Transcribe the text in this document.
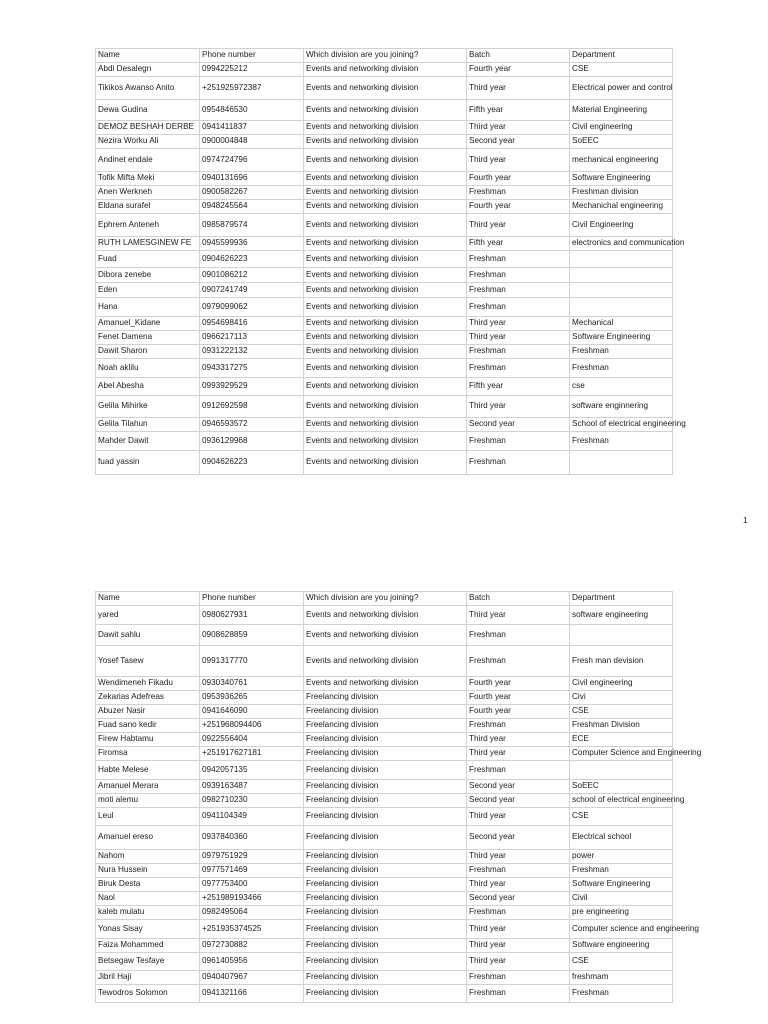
Name	Phone number	Which division are you joining?	Batch	Department
Abdi Desalegn	0994225212	Events and networking division	Fourth year	CSE
Tikikos Awanso Anito	+251925972387	Events and networking division	Third year	Electrical power and control
Dewa Gudina	0954846530	Events and networking division	Fifth year	Material Engineering
DEMOZ BESHAH DERBE	0941411837	Events and networking division	Third year	Civil engineering
Nezira Worku Ali	0900004848	Events and networking division	Second year	SoEEC
Andinet endale	0974724796	Events and networking division	Third year	mechanical engineering
Tofik Mifta Meki	0940131696	Events and networking division	Fourth year	Software Engineering
Anen Werkneh	0900582267	Events and networking division	Freshman	Freshman division
Eldana surafel	0948245564	Events and networking division	Fourth year	Mechanichal engineering
Ephrem Anteneh	0985879574	Events and networking division	Third year	Civil Engineering
RUTH LAMESGINEW FE	0945599936	Events and networking division	Fifth year	electronics and communication
Fuad	0904626223	Events and networking division	Freshman	
Dibora zenebe	0901086212	Events and networking division	Freshman	
Eden	0907241749	Events and networking division	Freshman	
Hana	0979099062	Events and networking division	Freshman	
Amanuel_Kidane	0954698416	Events and networking division	Third year	Mechanical
Fenet Damena	0966217113	Events and networking division	Third year	Software Engineering
Dawit Sharon	0931222132	Events and networking division	Freshman	Freshman
Noah aklilu	0943317275	Events and networking division	Freshman	Freshman
Abel Abesha	0993929529	Events and networking division	Fifth year	cse
Gelila Mihirke	0912692598	Events and networking division	Third year	software enginnering
Gelila Tilahun	0946593572	Events and networking division	Second year	School of electrical engineering
Mahder Dawit	0936129968	Events and networking division	Freshman	Freshman
fuad yassin	0904626223	Events and networking division	Freshman	
1
Name	Phone number	Which division are you joining?	Batch	Department
yared	0980627931	Events and networking division	Third year	software engineering
Dawit sahlu	0908628859	Events and networking division	Freshman	
Yosef Tasew	0991317770	Events and networking division	Freshman	Fresh man devision
Wendimeneh Fikadu	0930340761	Events and networking division	Fourth year	Civil engineering
Zekarias Adefreas	0953936265	Freelancing division	Fourth year	Civi
Abuzer Nasir	0941646090	Freelancing division	Fourth year	CSE
Fuad sano kedir	+251968094406	Freelancing division	Freshman	Freshman Division
Firew Habtamu	0922556404	Freelancing division	Third year	ECE
Firomsa	+251917627181	Freelancing division	Third year	Computer Science and Engineering
Habte Melese	0942057135	Freelancing division	Freshman	
Amanuel Merara	0939163487	Freelancing division	Second year	SoEEC
moti alemu	0982710230	Freelancing division	Second year	school of electrical engineering
Leul	0941104349	Freelancing division	Third year	CSE
Amanuel ereso	0937840360	Freelancing division	Second year	Electrical school
Nahom	0979751929	Freelancing division	Third year	power
Nura Hussein	0977571469	Freelancing division	Freshman	Freshman
Biruk Desta	0977753400	Freelancing division	Third year	Software Engineering
Naol	+251989193466	Freelancing division	Second year	Civil
kaleb mulatu	0982495064	Freelancing division	Freshman	pre engineering
Yonas Sisay	+251935374525	Freelancing division	Third year	Computer science and engineering
Faiza Mohammed	0972730882	Freelancing division	Third year	Software engineering
Betsegaw Tesfaye	0961405956	Freelancing division	Third year	CSE
Jibril Haji	0940407967	Freelancing division	Freshman	freshmam
Tewodros Solomon	0941321166	Freelancing division	Freshman	Freshman
